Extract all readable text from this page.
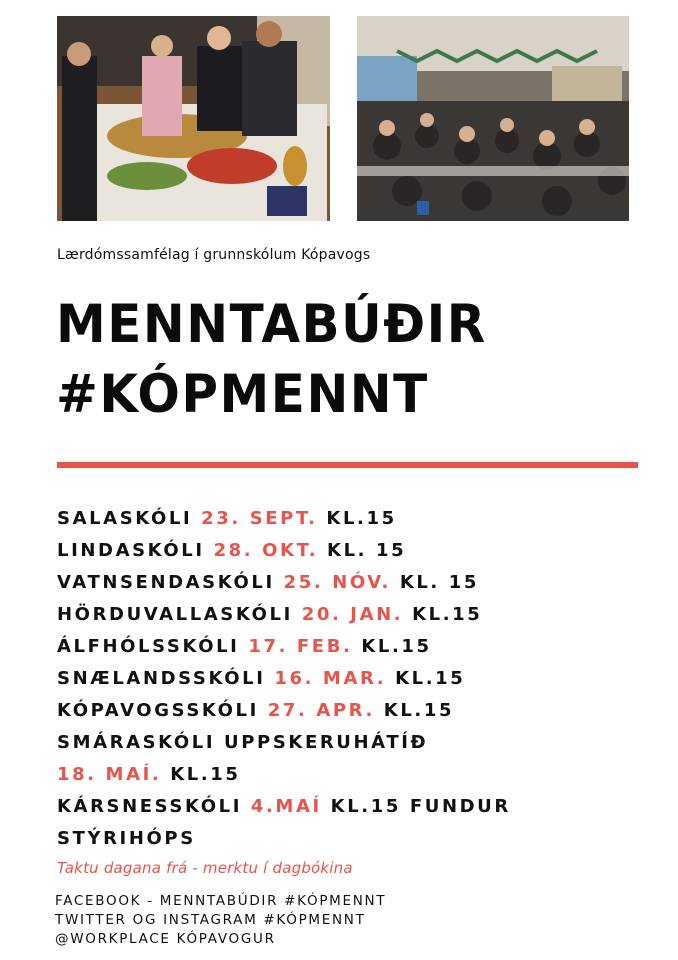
Lærdómssamfélag í grunnskólum Kópavogs
MENNTABÚÐIR
#KÓPMENNT
SALASKÓLI 23. SEPT. KL.15
LINDASKÓLI 28. OKT. KL. 15
VATNSENDASKÓLI 25. NÓV. KL. 15
HÖRDUVALLASKÓLI 20. JAN. KL.15
ÁLFHÓLSSKÓLI 17. FEB. KL.15
SNÆLANDSSKÓLI 16. MAR. KL.15
KÓPAVOGSSKÓLI 27. APR. KL.15
SMÁRASKÓLI UPPSKERUHÁTÍÐ
18. MAÍ. KL.15
KÁRSNESSKÓLI 4.MAÍ KL.15 FUNDUR
STÝRIHÓPS
Taktu dagana frá - merktu í dagbókina
FACEBOOK - MENNTABÚDIR #KÓPMENNT
TWITTER OG INSTAGRAM #KÓPMENNT
@WORKPLACE KÓPAVOGUR
